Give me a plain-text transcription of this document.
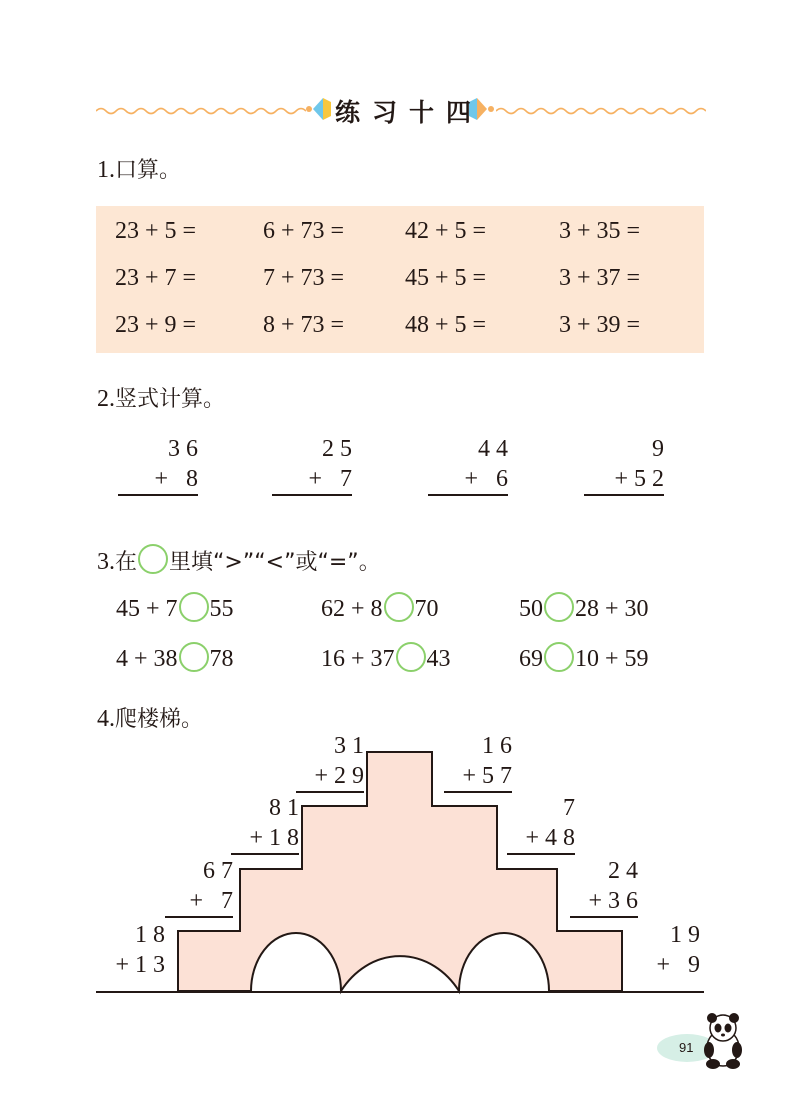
练习十四
1.口算。
23 + 5 =	6 + 73 =	42 + 5 =	3 + 35 =
23 + 7 =	7 + 73 =	45 + 5 =	3 + 37 =
23 + 9 =	8 + 73 =	48 + 5 =	3 + 39 =
2.竖式计算。
3 6
+   8
2 5
+   7
4 4
+   6
9
+ 5 2
3.在 里填“>”“<”或“=”。
45 + 7 55	62 + 8 70	50 28 + 30
4 + 38 78	16 + 37 43	69 10 + 59
4.爬楼梯。
3 1
+ 2 9
8 1
+ 1 8
6 7
+   7
1 8
+ 1 3
1 6
+ 5 7
7
+ 4 8
2 4
+ 3 6
1 9
+   9
91
